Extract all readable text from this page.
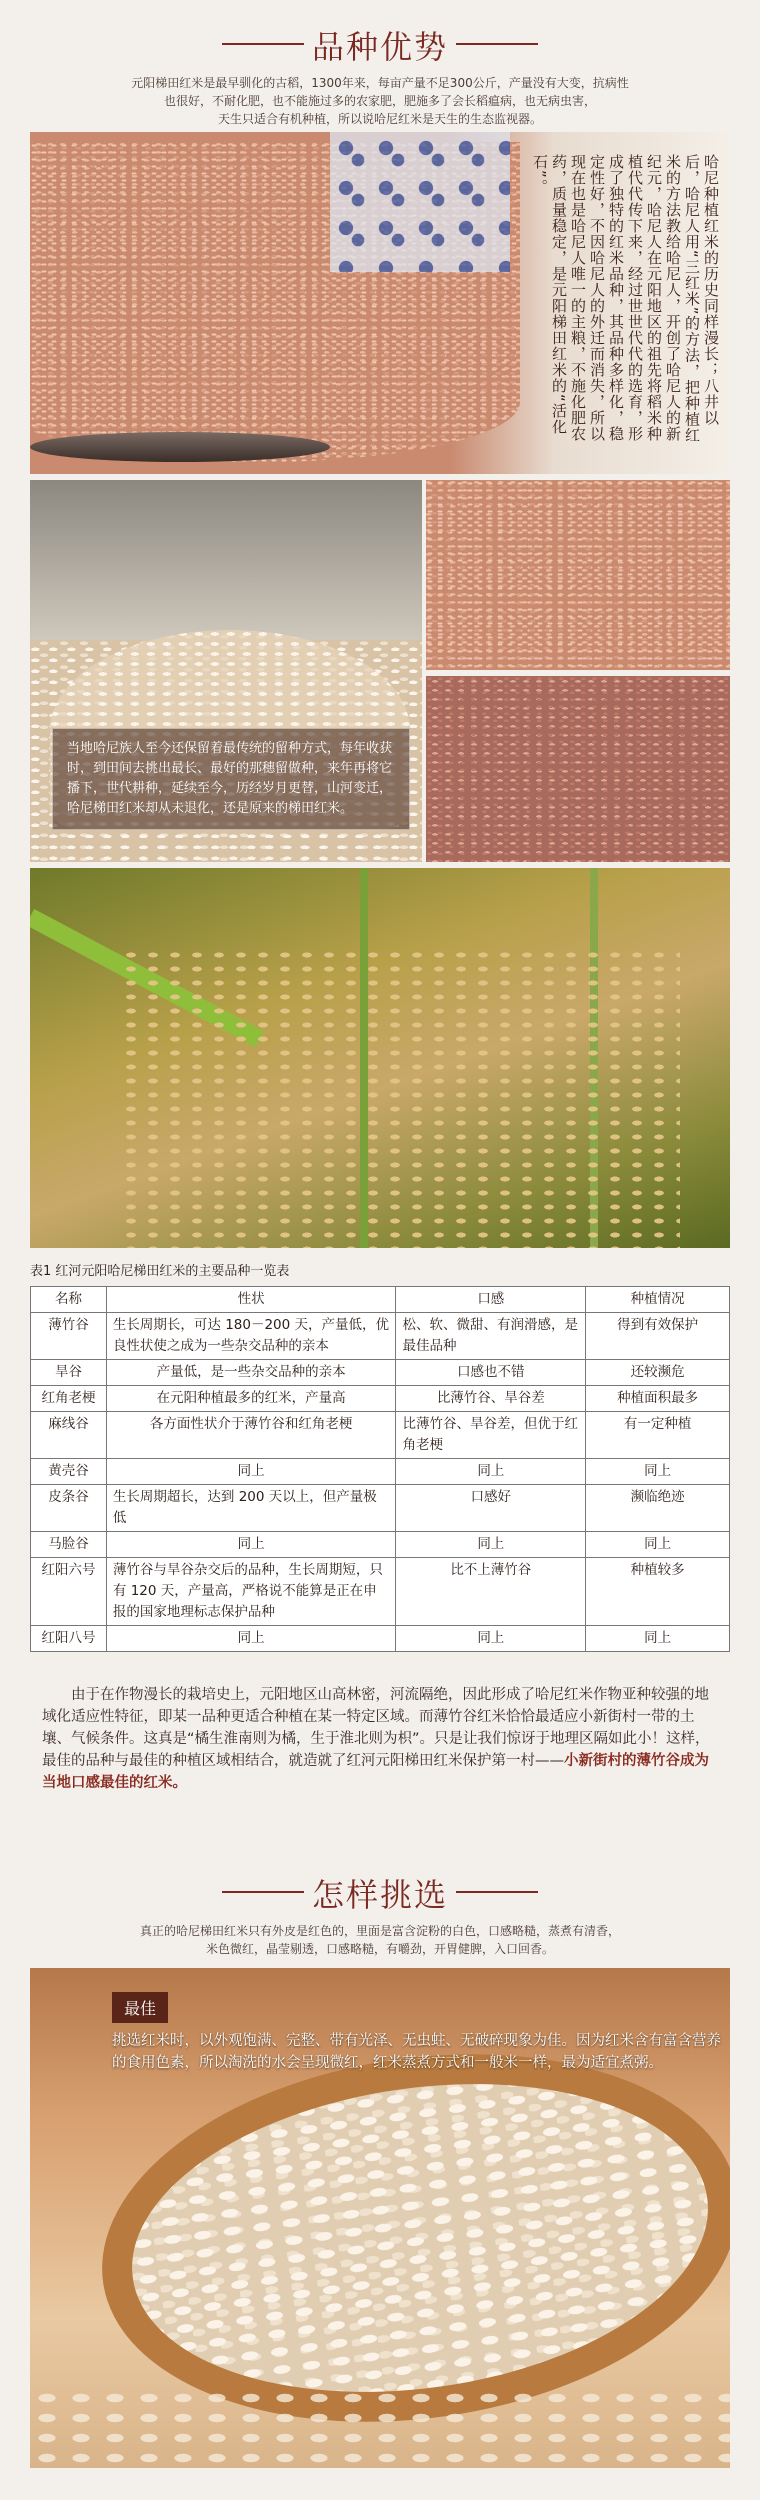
品种优势
元阳梯田红米是最早驯化的古稻，1300年来，每亩产量不足300公斤，产量没有大变，抗病性
也很好，不耐化肥，也不能施过多的农家肥，肥施多了会长稻瘟病，也无病虫害，
天生只适合有机种植，所以说哈尼红米是天生的生态监视器。
哈尼种植红米的历史同样漫长；八井以后，哈尼人用“三红米”的方法，把种植红米的方法教给哈尼人，开创了哈尼人的新纪元，哈尼人在元阳地区的祖先将稻米种植代代传下来，经过世世代代的选育，形成了独特的红米品种，其品种多样化，稳定性好，不因哈尼人的外迁而消失，所以现在也是哈尼人唯一的主粮，不施化肥农药，质量稳定，是元阳梯田红米的“活化石”。
当地哈尼族人至今还保留着最传统的留种方式，每年收获时，到田间去挑出最长、最好的那穗留做种，来年再将它播下，世代耕种，延续至今，历经岁月更替，山河变迁，哈尼梯田红米却从未退化，还是原来的梯田红米。
表1 红河元阳哈尼梯田红米的主要品种一览表
名称	性状	口感	种植情况
薄竹谷	生长周期长，可达 180－200 天，产量低，优良性状使之成为一些杂交品种的亲本	松、软、微甜、有润滑感，是最佳品种	得到有效保护
旱谷	产量低，是一些杂交品种的亲本	口感也不错	还较濒危
红角老梗	在元阳种植最多的红米，产量高	比薄竹谷、旱谷差	种植面积最多
麻线谷	各方面性状介于薄竹谷和红角老梗	比薄竹谷、旱谷差，但优于红角老梗	有一定种植
黄壳谷	同上	同上	同上
皮条谷	生长周期超长，达到 200 天以上，但产量极低	口感好	濒临绝迹
马脸谷	同上	同上	同上
红阳六号	薄竹谷与旱谷杂交后的品种，生长周期短，只有 120 天，产量高，严格说不能算是正在申报的国家地理标志保护品种	比不上薄竹谷	种植较多
红阳八号	同上	同上	同上
由于在作物漫长的栽培史上，元阳地区山高林密，河流隔绝，因此形成了哈尼红米作物亚种较强的地域化适应性特征，即某一品种更适合种植在某一特定区域。而薄竹谷红米恰恰最适应小新街村一带的土壤、气候条件。这真是“橘生淮南则为橘，生于淮北则为枳”。只是让我们惊讶于地理区隔如此小！这样，最佳的品种与最佳的种植区域相结合，就造就了红河元阳梯田红米保护第一村——小新街村的薄竹谷成为当地口感最佳的红米。
怎样挑选
真正的哈尼梯田红米只有外皮是红色的，里面是富含淀粉的白色，口感略糙，蒸煮有清香，
米色微红，晶莹剔透，口感略糙，有嚼劲，开胃健脾，入口回香。
最佳
挑选红米时，以外观饱满、完整、带有光泽、无虫蛀、无破碎现象为佳。因为红米含有富含营养的食用色素，所以淘洗的水会呈现微红，红米蒸煮方式和一般米一样，最为适宜煮粥。
